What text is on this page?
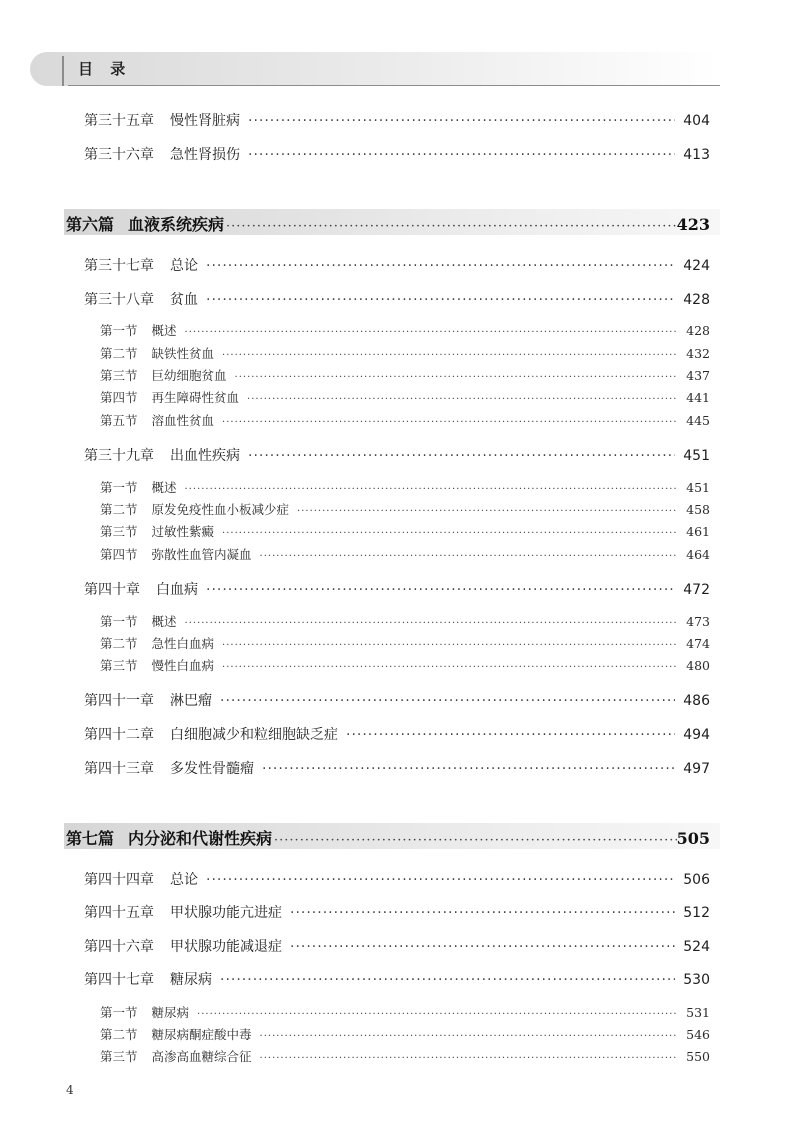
目 录
第三十五章 慢性肾脏病 ·····	404
第三十六章 急性肾损伤 ·····	413
第六篇 血液系统疾病 ·····	423
第三十七章 总论 ·····	424
第三十八章 贫血 ·····	428
第一节 概述 ·····	428
第二节 缺铁性贫血 ·····	432
第三节 巨幼细胞贫血 ·····	437
第四节 再生障碍性贫血 ·····	441
第五节 溶血性贫血 ·····	445
第三十九章 出血性疾病 ·····	451
第一节 概述 ·····	451
第二节 原发免疫性血小板减少症 ·····	458
第三节 过敏性紫癜 ·····	461
第四节 弥散性血管内凝血 ·····	464
第四十章 白血病 ·····	472
第一节 概述 ·····	473
第二节 急性白血病 ·····	474
第三节 慢性白血病 ·····	480
第四十一章 淋巴瘤 ·····	486
第四十二章 白细胞减少和粒细胞缺乏症 ·····	494
第四十三章 多发性骨髓瘤 ·····	497
第七篇 内分泌和代谢性疾病 ·····	505
第四十四章 总论 ·····	506
第四十五章 甲状腺功能亢进症 ·····	512
第四十六章 甲状腺功能减退症 ·····	524
第四十七章 糖尿病 ·····	530
第一节 糖尿病 ·····	531
第二节 糖尿病酮症酸中毒 ·····	546
第三节 高渗高血糖综合征 ·····	550
4
